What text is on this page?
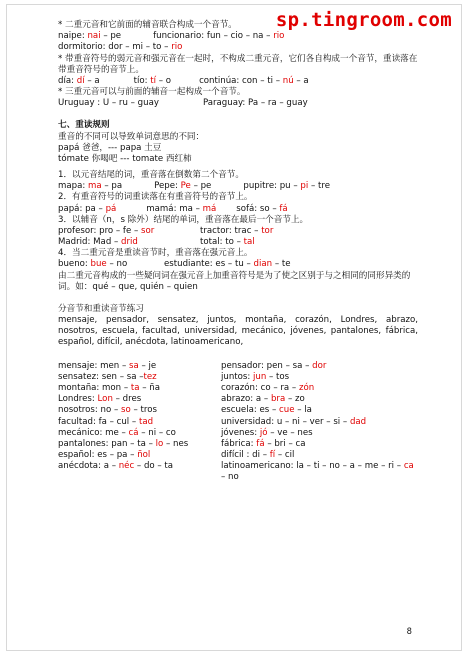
sp.tingroom.com

* 二重元音和它前面的辅音联合构成一个音节。

naipe: nai – pe	funcionario: fun – cio – na – rio

dormitorio: dor – mi – to – rio

* 带重音符号的弱元音和强元音在一起时，不构成二重元音，它们各自构成一个音节，重读落在带重音符号的音节上。

día: dí – a	tío: tí – o	continúa: con – ti – nú – a

* 三重元音可以与前面的辅音一起构成一个音节。

Uruguay : U – ru – guay	Paraguay: Pa – ra – guay

七、重读规则

重音的不同可以导致单词意思的不同：

papá 爸爸，--- papa 土豆

tómate 你喝吧 --- tomate 西红柿

1．以元音结尾的词，重音落在倒数第二个音节。

mapa: ma – pa	Pepe: Pe – pe	pupitre: pu – pi – tre

2．有重音符号的词重读落在有重音符号的音节上。

papá: pa – pá	mamá: ma – má sofá: so – fá

3．以辅音（n，s 除外）结尾的单词，重音落在最后一个音节上。

profesor: pro – fe – sor	tractor: trac – tor

Madrid: Mad – drid	total: to – tal

4．当二重元音是重读音节时，重音落在强元音上。

bueno: bue – no	estudiante: es – tu – dian – te

由二重元音构成的一些疑问词在强元音上加重音符号是为了使之区别于与之相同的同形异类的词。如：qué – que, quién – quien

分音节和重读音节练习

mensaje, pensador, sensatez, juntos, montaña, corazón, Londres, abrazo, nosotros, escuela, facultad, universidad, mecánico, jóvenes, pantalones, fábrica, español, difícil, anécdota, latinoamericano,

mensaje: men – sa – je	pensador: pen – sa – dor
sensatez: sen – sa –tez	juntos: jun – tos
montaña: mon – ta – ña	corazón: co – ra – zón
Londres: Lon – dres	abrazo: a – bra – zo
nosotros: no – so – tros	escuela: es – cue – la
facultad: fa – cul – tad	universidad: u – ni – ver – si – dad
mecánico: me – cá – ni – co	jóvenes: jó – ve – nes
pantalones: pan – ta – lo – nes	fábrica: fá – bri – ca
español: es – pa – ñol	difícil : di – fí – cil
anécdota: a – néc – do – ta	latinoamericano: la – ti – no – a – me – ri – ca – no
8
